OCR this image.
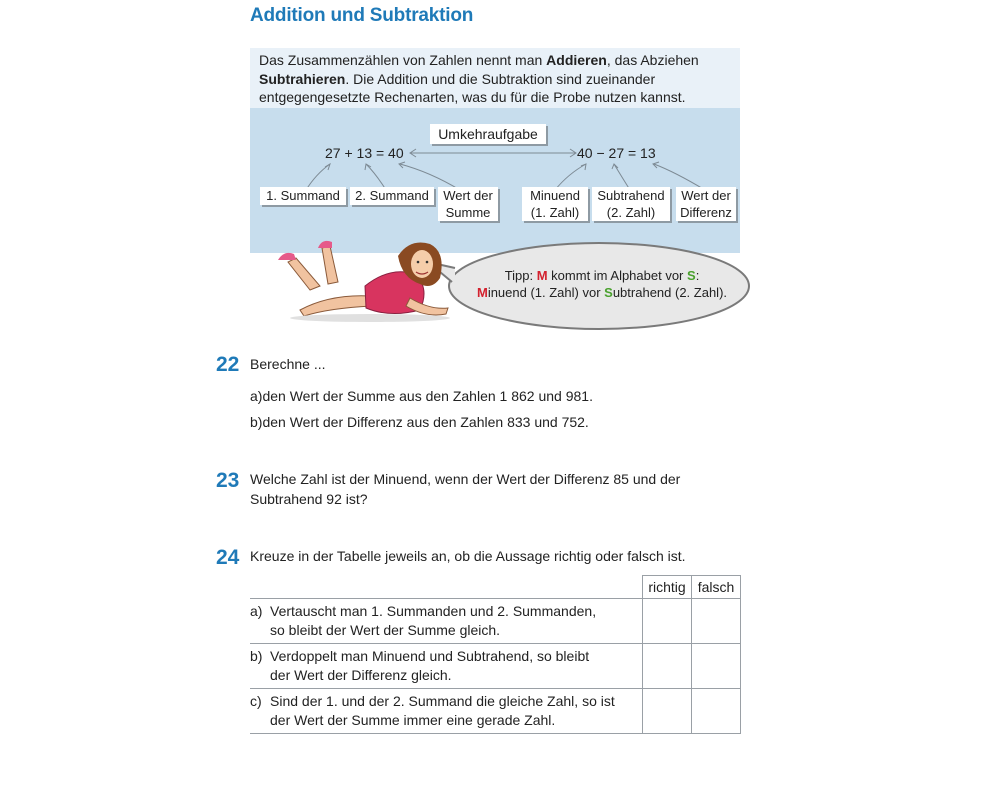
Addition und Subtraktion
Das Zusammenzählen von Zahlen nennt man Addieren, das Abziehen
Subtrahieren. Die Addition und die Subtraktion sind zueinander
entgegengesetzte Rechenarten, was du für die Probe nutzen kannst.
Umkehraufgabe
27 + 13 = 40	40 − 27 = 13
1. Summand	2. Summand	Wert der
Summe
Minuend
(1. Zahl)
Subtrahend
(2. Zahl)
Wert der
Differenz
Tipp: M kommt im Alphabet vor S:
Minuend (1. Zahl) vor Subtrahend (2. Zahl).
22 Berechne ...
a)den Wert der Summe aus den Zahlen 1 862 und 981.
b)den Wert der Differenz aus den Zahlen 833 und 752.
23 Welche Zahl ist der Minuend, wenn der Wert der Differenz 85 und der
Subtrahend 92 ist?
24 Kreuze in der Tabelle jeweils an, ob die Aussage richtig oder falsch ist.
	richtig	falsch

a) Vertauscht man 1. Summanden und 2. Summanden,
so bleibt der Wert der Summe gleich.		

b) Verdoppelt man Minuend und Subtrahend, so bleibt
der Wert der Differenz gleich.		

c) Sind der 1. und der 2. Summand die gleiche Zahl, so ist
der Wert der Summe immer eine gerade Zahl.		
